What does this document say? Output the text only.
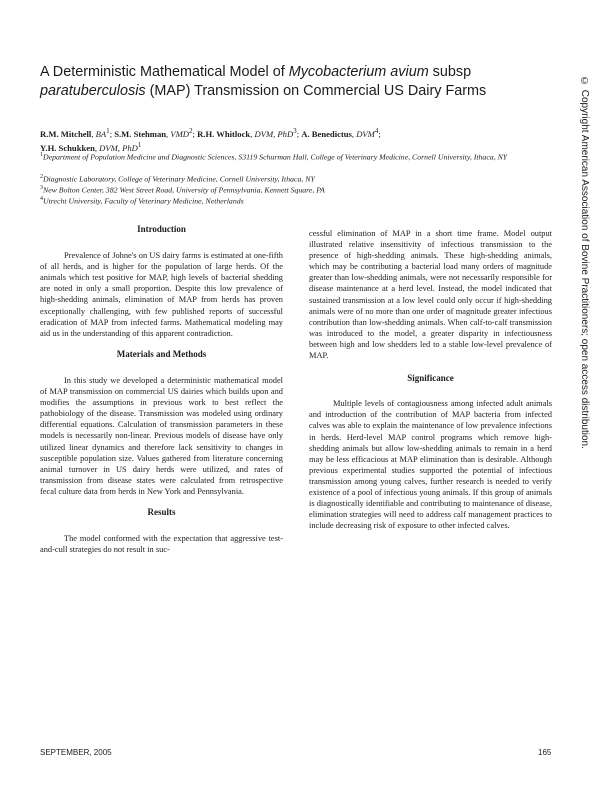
A Deterministic Mathematical Model of Mycobacterium avium subsp
paratuberculosis (MAP) Transmission on Commercial US Dairy Farms
R.M. Mitchell, $BA^1$; S.M. Stehman, VMD$^2$; R.H. Whitlock, DVM, PhD$^3$; A. Benedictus, DVM$^4$;
Y.H. Schukken, DVM, PhD$^1$
$^1$Department of Population Medicine and Diagnostic Sciences, S3119 Schurman Hall, College of Veterinary Medicine, Cornell University, Ithaca, NY
$^2$Diagnostic Laboratory, College of Veterinary Medicine, Cornell University, Ithaca, NY
$^3$New Bolton Center, 382 West Street Road, University of Pennsylvania, Kennett Square, PA
$^4$Utrecht University, Faculty of Veterinary Medicine, Netherlands
Introduction

Prevalence of Johne's on US dairy farms is estimated at one-fifth of all herds, and is higher for the population of large herds. Of the animals which test positive for MAP, high levels of bacterial shedding are noted in only a small proportion. Despite this low prevalence of high-shedding animals, elimination of MAP from herds has proven exceptionally challenging, with few published reports of successful eradication of MAP from infected farms. Mathematical modeling may aid us in the understanding of this apparent contradiction.

Materials and Methods

In this study we developed a deterministic mathematical model of MAP transmission on commercial US dairies which builds upon and modifies the assumptions in previous work to best reflect the pathobiology of the disease. Transmission was modeled using ordinary differential equations. Calculation of transmission parameters in these models is necessarily non-linear. Previous models of disease have only utilized linear dynamics and therefore lack sensitivity to changes in susceptible population size. Values gathered from literature concerning animal turnover in US dairy herds were utilized, and rates of transmission from disease states were calculated from retrospective fecal culture data from herds in New York and Pennsylvania.

Results

The model conformed with the expectation that aggressive test-and-cull strategies do not result in suc-

cessful elimination of MAP in a short time frame. Model output illustrated relative insensitivity of infectious transmission to the presence of high-shedding animals. These high-shedding animals, which may be contributing a bacterial load many orders of magnitude greater than low-shedding animals, were not necessarily responsible for disease maintenance at a herd level. Instead, the model indicated that sustained transmission at a low level could only occur if high-shedding animals were of no more than one order of magnitude greater infectious contribution than low-shedding animals. When calf-to-calf transmission was introduced to the model, a greater disparity in infectiousness between high and low shedders led to a stable low-level prevalence of MAP.

Significance

Multiple levels of contagiousness among infected adult animals and introduction of the contribution of MAP bacteria from infected calves was able to explain the maintenance of low prevalence infections in herds. Herd-level MAP control programs which remove high-shedding animals but allow low-shedding animals to remain in a herd may be less efficacious at MAP elimination than is desirable. Although previous experimental studies supported the potential of infectious transmission among young calves, further research is needed to verify existence of a pool of infectious young animals. If this group of animals is diagnostically identifiable and contributing to maintenance of disease, elimination strategies will need to address calf management practices to include decreasing risk of exposure to other infected calves.

SEPTEMBER, 2005	165
© Copyright American Association of Bovine Practitioners; open access distribution.
